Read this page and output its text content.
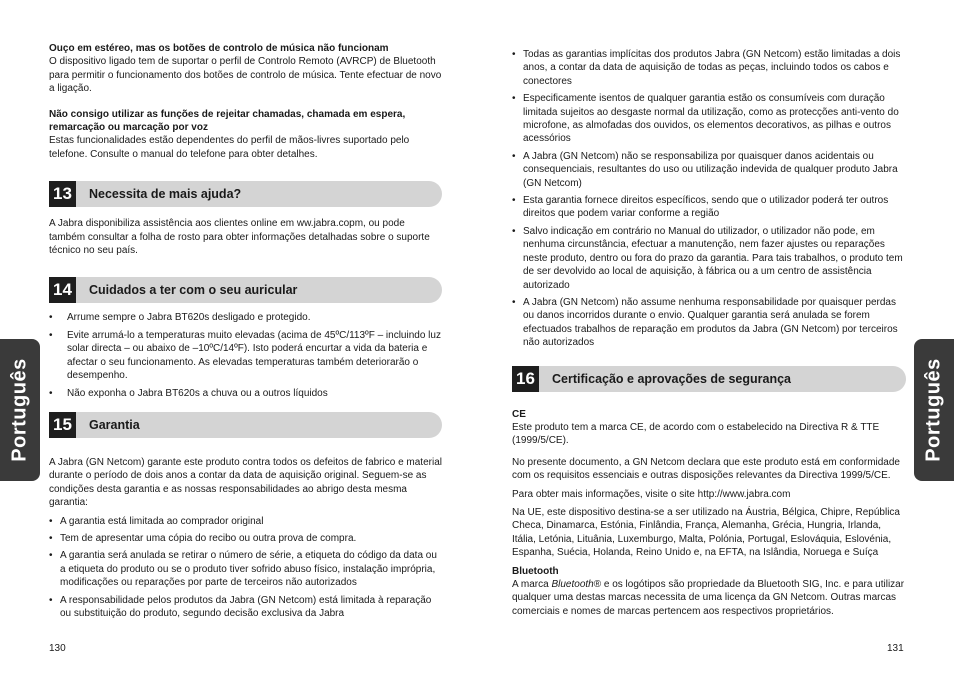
Ouço em estéreo, mas os botões de controlo de música não funcionam

O dispositivo ligado tem de suportar o perfil de Controlo Remoto (AVRCP) de Bluetooth para permitir o funcionamento dos botões de controlo de música. Tente efectuar de novo a ligação.

Não consigo utilizar as funções de rejeitar chamadas, chamada em espera, remarcação ou marcação por voz

Estas funcionalidades estão dependentes do perfil de mãos-livres suportado pelo telefone. Consulte o manual do telefone para obter detalhes.

13	Necessita de mais ajuda?

A Jabra disponibiliza assistência aos clientes online em ww.jabra.copm, ou pode também consultar a folha de rosto para obter informações detalhadas sobre o suporte técnico no seu país.

14	Cuidados a ter com o seu auricular
• Arrume sempre o Jabra BT620s desligado e protegido.
• Evite arrumá-lo a temperaturas muito elevadas (acima de 45ºC/113ºF – incluindo luz solar directa – ou abaixo de –10ºC/14ºF). Isto poderá encurtar a vida da bateria e afectar o seu funcionamento. As elevadas temperaturas também deteriorarão o desempenho.
• Não exponha o Jabra BT620s a chuva ou a outros líquidos
15	Garantia

A Jabra (GN Netcom) garante este produto contra todos os defeitos de fabrico e material durante o período de dois anos a contar da data de aquisição original. Seguem-se as condições desta garantia e as nossas responsabilidades ao abrigo desta mesma garantia:

• A garantia está limitada ao comprador original
• Tem de apresentar uma cópia do recibo ou outra prova de compra.
• A garantia será anulada se retirar o número de série, a etiqueta do código da data ou a etiqueta do produto ou se o produto tiver sofrido abuso físico, instalação imprópria, modificações ou reparações por parte de terceiros não autorizados
• A responsabilidade pelos produtos da Jabra (GN Netcom) está limitada à reparação ou substituição do produto, segundo decisão exclusiva da Jabra
Português
130
• Todas as garantias implícitas dos produtos Jabra (GN Netcom) estão limitadas a dois anos, a contar da data de aquisição de todas as peças, incluindo todos os cabos e conectores
• Especificamente isentos de qualquer garantia estão os consumíveis com duração limitada sujeitos ao desgaste normal da utilização, como as protecções anti-vento do microfone, as almofadas dos ouvidos, os elementos decorativos, as pilhas e outros acessórios
• A Jabra (GN Netcom) não se responsabiliza por quaisquer danos acidentais ou consequenciais, resultantes do uso ou utilização indevida de qualquer produto Jabra (GN Netcom)
• Esta garantia fornece direitos específicos, sendo que o utilizador poderá ter outros direitos que podem variar conforme a região
• Salvo indicação em contrário no Manual do utilizador, o utilizador não pode, em nenhuma circunstância, efectuar a manutenção, nem fazer ajustes ou reparações neste produto, dentro ou fora do prazo da garantia. Para tais trabalhos, o produto tem de ser devolvido ao local de aquisição, à fábrica ou a um centro de assistência autorizado
• A Jabra (GN Netcom) não assume nenhuma responsabilidade por quaisquer perdas ou danos incorridos durante o envio. Qualquer garantia será anulada se forem efectuados trabalhos de reparação em produtos da Jabra (GN Netcom) por terceiros não autorizados
16	Certificação e aprovações de segurança

CE

Este produto tem a marca CE, de acordo com o estabelecido na Directiva R & TTE (1999/5/CE).

No presente documento, a GN Netcom declara que este produto está em conformidade com os requisitos essenciais e outras disposições relevantes da Directiva 1999/5/CE.

Para obter mais informações, visite o site http://www.jabra.com

Na UE, este dispositivo destina-se a ser utilizado na Áustria, Bélgica, Chipre, República Checa, Dinamarca, Estónia, Finlândia, França, Alemanha, Grécia, Hungria, Irlanda, Itália, Letónia, Lituânia, Luxemburgo, Malta, Polónia, Portugal, Eslováquia, Eslovénia, Espanha, Suécia, Holanda, Reino Unido e, na EFTA, na Islândia, Noruega e Suíça

Bluetooth

A marca Bluetooth® e os logótipos são propriedade da Bluetooth SIG, Inc. e para utilizar qualquer uma destas marcas necessita de uma licença da GN Netcom. Outras marcas comerciais e nomes de marcas pertencem aos respectivos proprietários.

Português
131
